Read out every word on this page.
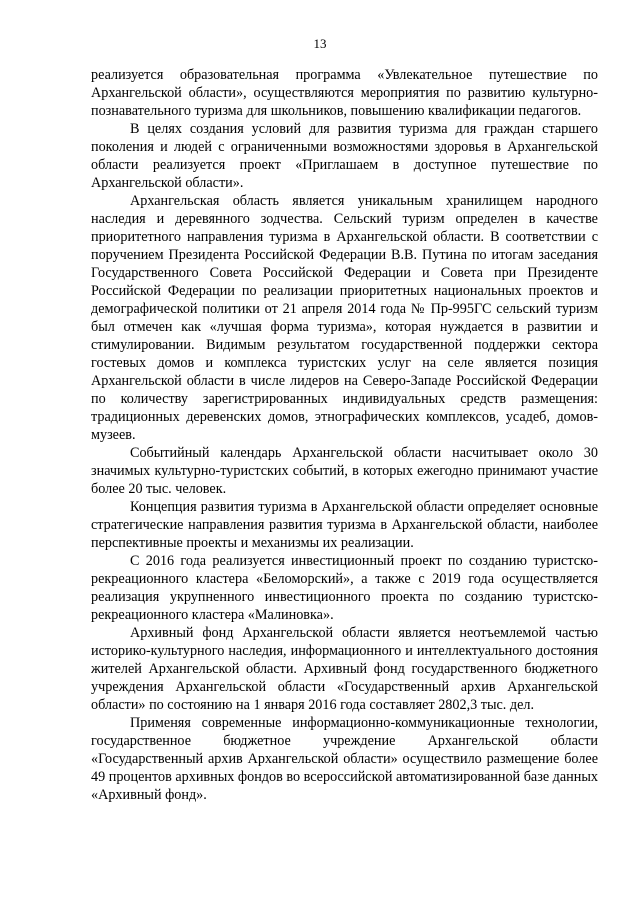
13

реализуется образовательная программа «Увлекательное путешествие по Архангельской области», осуществляются мероприятия по развитию культурно-познавательного туризма для школьников, повышению квалификации педагогов.

В целях создания условий для развития туризма для граждан старшего поколения и людей с ограниченными возможностями здоровья в Архангельской области реализуется проект «Приглашаем в доступное путешествие по Архангельской области».

Архангельская область является уникальным хранилищем народного наследия и деревянного зодчества. Сельский туризм определен в качестве приоритетного направления туризма в Архангельской области. В соответствии с поручением Президента Российской Федерации В.В. Путина по итогам заседания Государственного Совета Российской Федерации и Совета при Президенте Российской Федерации по реализации приоритетных национальных проектов и демографической политики от 21 апреля 2014 года № Пр-995ГС сельский туризм был отмечен как «лучшая форма туризма», которая нуждается в развитии и стимулировании. Видимым результатом государственной поддержки сектора гостевых домов и комплекса туристских услуг на селе является позиция Архангельской области в числе лидеров на Северо-Западе Российской Федерации по количеству зарегистрированных индивидуальных средств размещения: традиционных деревенских домов, этнографических комплексов, усадеб, домов-музеев.

Событийный календарь Архангельской области насчитывает около 30 значимых культурно-туристских событий, в которых ежегодно принимают участие более 20 тыс. человек.

Концепция развития туризма в Архангельской области определяет основные стратегические направления развития туризма в Архангельской области, наиболее перспективные проекты и механизмы их реализации.

С 2016 года реализуется инвестиционный проект по созданию туристско-рекреационного кластера «Беломорский», а также с 2019 года осуществляется реализация укрупненного инвестиционного проекта по созданию туристско-рекреационного кластера «Малиновка».

Архивный фонд Архангельской области является неотъемлемой частью историко-культурного наследия, информационного и интеллектуального достояния жителей Архангельской области. Архивный фонд государственного бюджетного учреждения Архангельской области «Государственный архив Архангельской области» по состоянию на 1 января 2016 года составляет 2802,3 тыс. дел.

Применяя современные информационно-коммуникационные технологии, государственное бюджетное учреждение Архангельской области «Государственный архив Архангельской области» осуществило размещение более 49 процентов архивных фондов во всероссийской автоматизированной базе данных «Архивный фонд».
